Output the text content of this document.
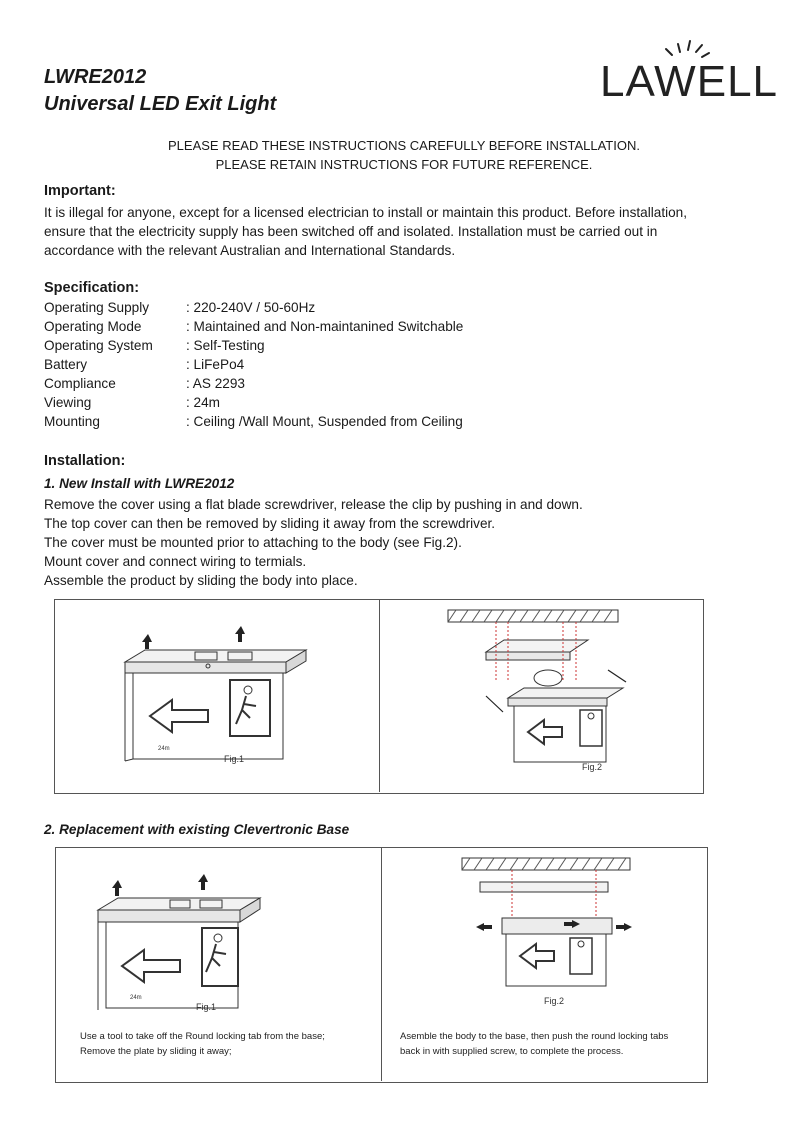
LWRE2012
Universal LED Exit Light	LAWELL
PLEASE READ THESE INSTRUCTIONS CAREFULLY BEFORE INSTALLATION.
PLEASE RETAIN INSTRUCTIONS FOR FUTURE REFERENCE.
Important:
It is illegal for anyone, except for a licensed electrician to install or maintain this product. Before installation,
ensure that the electricity supply has been switched off and isolated. Installation must be carried out in
accordance with the relevant Australian and International Standards.
Specification:
Operating Supply	: 220-240V / 50-60Hz
Operating Mode	: Maintained and Non-maintanined Switchable
Operating System : Self-Testing
Battery	: LiFePo4
Compliance	: AS 2293
Viewing	: 24m
Mounting	: Ceiling /Wall Mount, Suspended from Ceiling
Installation:
1. New Install with LWRE2012
Remove the cover using a flat blade screwdriver, release the clip by pushing in and down.
The top cover can then be removed by sliding it away from the screwdriver.
The cover must be mounted prior to attaching to the body (see Fig.2).
Mount cover and connect wiring to termials.
Assemble the product by sliding the body into place.
24m
Fig.1
Fig.2
2. Replacement with existing Clevertronic Base
24m
Fig.1
Fig.2
Use a tool to take off the Round locking tab from the base;
Remove the plate by sliding it away;
Asemble the body to the base, then push the round locking tabs
back in with supplied screw, to complete the process.
